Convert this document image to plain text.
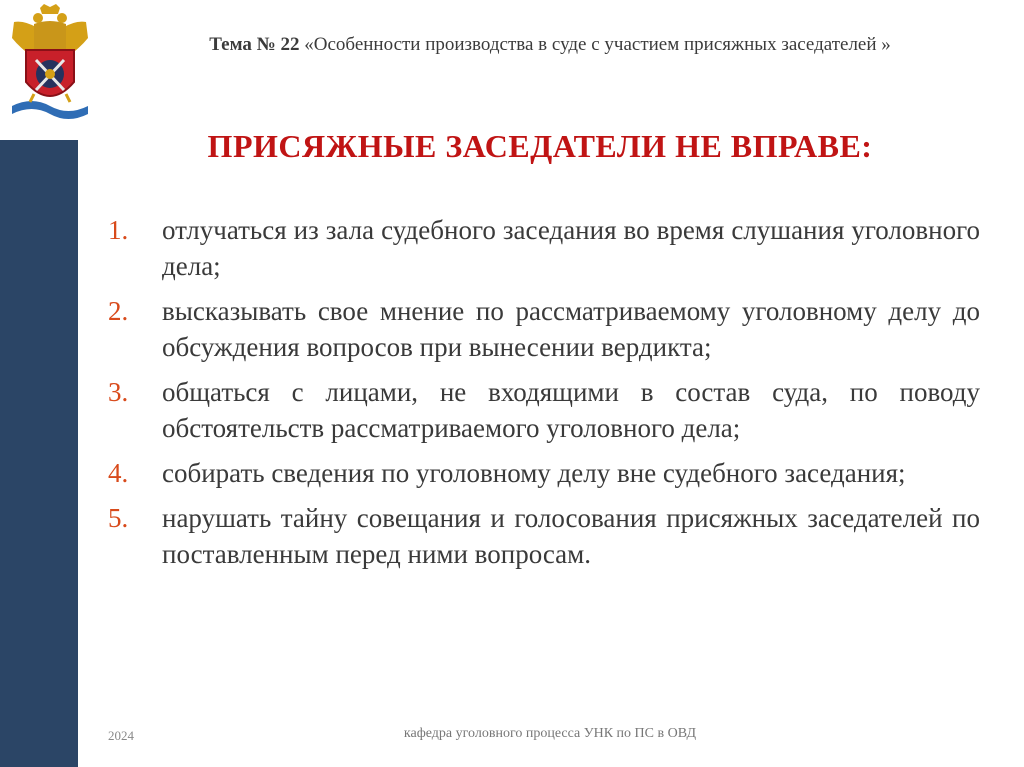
Тема № 22 «Особенности производства в суде с участием присяжных заседателей »
ПРИСЯЖНЫЕ ЗАСЕДАТЕЛИ НЕ ВПРАВЕ:
1.	отлучаться из зала судебного заседания во время слушания уголовного дела;
2.	высказывать свое мнение по рассматриваемому уголовному делу до обсуждения вопросов при вынесении вердикта;
3.	общаться с лицами, не входящими в состав суда, по поводу обстоятельств рассматриваемого уголовного дела;
4.	собирать сведения по уголовному делу вне судебного заседания;
5.	нарушать тайну совещания и голосования присяжных заседателей по поставленным перед ними вопросам.
2024	кафедра уголовного процесса УНК по ПС в ОВД
